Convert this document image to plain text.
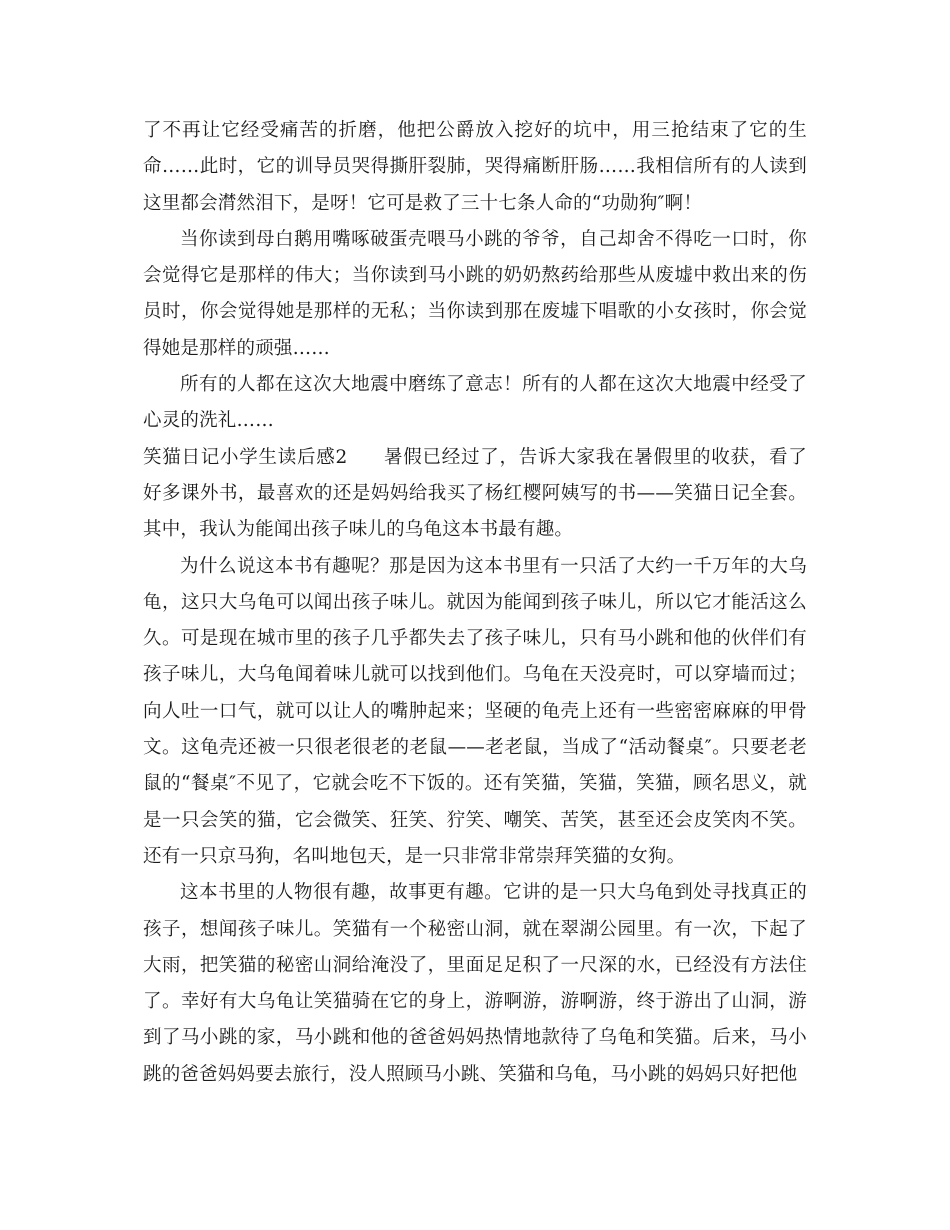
了不再让它经受痛苦的折磨，他把公爵放入挖好的坑中，用三抢结束了它的生命……此时，它的训导员哭得撕肝裂肺，哭得痛断肝肠……我相信所有的人读到这里都会潸然泪下，是呀！它可是救了三十七条人命的“功勋狗″啊！

当你读到母白鹅用嘴啄破蛋壳喂马小跳的爷爷，自己却舍不得吃一口时，你会觉得它是那样的伟大；当你读到马小跳的奶奶熬药给那些从废墟中救出来的伤员时，你会觉得她是那样的无私；当你读到那在废墟下唱歌的小女孩时，你会觉得她是那样的顽强……

所有的人都在这次大地震中磨练了意志！所有的人都在这次大地震中经受了心灵的洗礼……

笑猫日记小学生读后感2 暑假已经过了，告诉大家我在暑假里的收获，看了好多课外书，最喜欢的还是妈妈给我买了杨红樱阿姨写的书——笑猫日记全套。其中，我认为能闻出孩子味儿的乌龟这本书最有趣。

为什么说这本书有趣呢？那是因为这本书里有一只活了大约一千万年的大乌龟，这只大乌龟可以闻出孩子味儿。就因为能闻到孩子味儿，所以它才能活这么久。可是现在城市里的孩子几乎都失去了孩子味儿，只有马小跳和他的伙伴们有孩子味儿，大乌龟闻着味儿就可以找到他们。乌龟在天没亮时，可以穿墙而过；向人吐一口气，就可以让人的嘴肿起来；坚硬的龟壳上还有一些密密麻麻的甲骨文。这龟壳还被一只很老很老的老鼠——老老鼠，当成了“活动餐桌″。只要老老鼠的“餐桌″不见了，它就会吃不下饭的。还有笑猫，笑猫，笑猫，顾名思义，就是一只会笑的猫，它会微笑、狂笑、狞笑、嘲笑、苦笑，甚至还会皮笑肉不笑。还有一只京马狗，名叫地包天，是一只非常非常崇拜笑猫的女狗。

这本书里的人物很有趣，故事更有趣。它讲的是一只大乌龟到处寻找真正的孩子，想闻孩子味儿。笑猫有一个秘密山洞，就在翠湖公园里。有一次，下起了大雨，把笑猫的秘密山洞给淹没了，里面足足积了一尺深的水，已经没有方法住了。幸好有大乌龟让笑猫骑在它的身上，游啊游，游啊游，终于游出了山洞，游到了马小跳的家，马小跳和他的爸爸妈妈热情地款待了乌龟和笑猫。后来，马小跳的爸爸妈妈要去旅行，没人照顾马小跳、笑猫和乌龟，马小跳的妈妈只好把他
